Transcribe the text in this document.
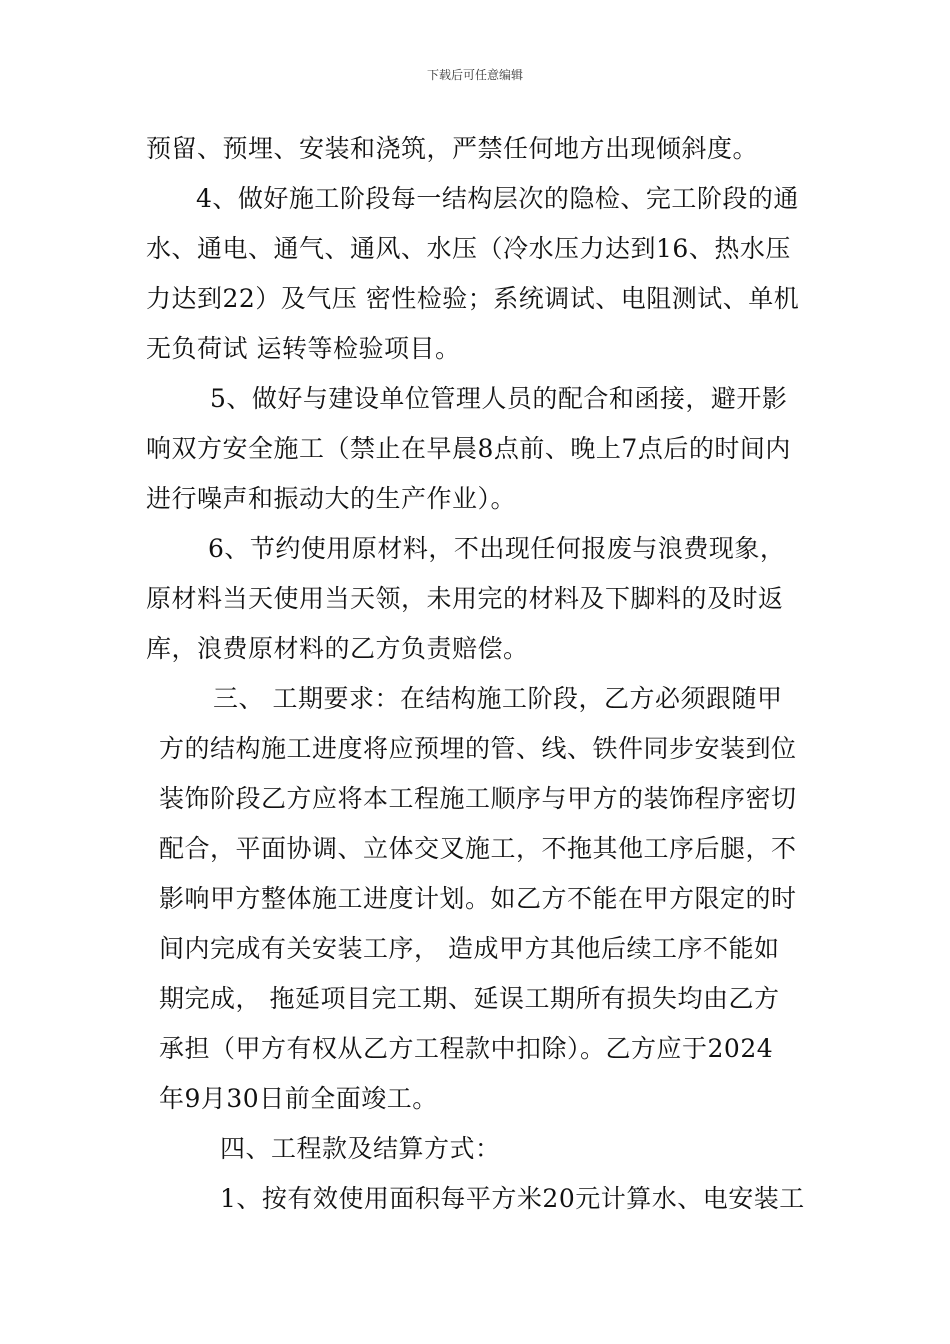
下载后可任意编辑
预留、预埋、安装和浇筑，严禁任何地方出现倾斜度。
4、做好施工阶段每一结构层次的隐检、完工阶段的通
水、通电、通气、通风、水压（冷水压力达到16、热水压
力达到22）及气压 密性检验；系统调试、电阻测试、单机
无负荷试 运转等检验项目。
5、做好与建设单位管理人员的配合和函接，避开影
响双方安全施工（禁止在早晨8点前、晚上7点后的时间内
进行噪声和振动大的生产作业）。
6、节约使用原材料，不出现任何报废与浪费现象，
原材料当天使用当天领，未用完的材料及下脚料的及时返
库，浪费原材料的乙方负责赔偿。
三、 工期要求：在结构施工阶段，乙方必须跟随甲
方的结构施工进度将应预埋的管、线、铁件同步安装到位
装饰阶段乙方应将本工程施工顺序与甲方的装饰程序密切
配合，平面协调、立体交叉施工，不拖其他工序后腿，不
影响甲方整体施工进度计划。如乙方不能在甲方限定的时
间内完成有关安装工序， 造成甲方其他后续工序不能如
期完成， 拖延项目完工期、延误工期所有损失均由乙方
承担（甲方有权从乙方工程款中扣除）。乙方应于2024
年9月30日前全面竣工。
四、工程款及结算方式：
1、按有效使用面积每平方米20元计算水、电安装工
